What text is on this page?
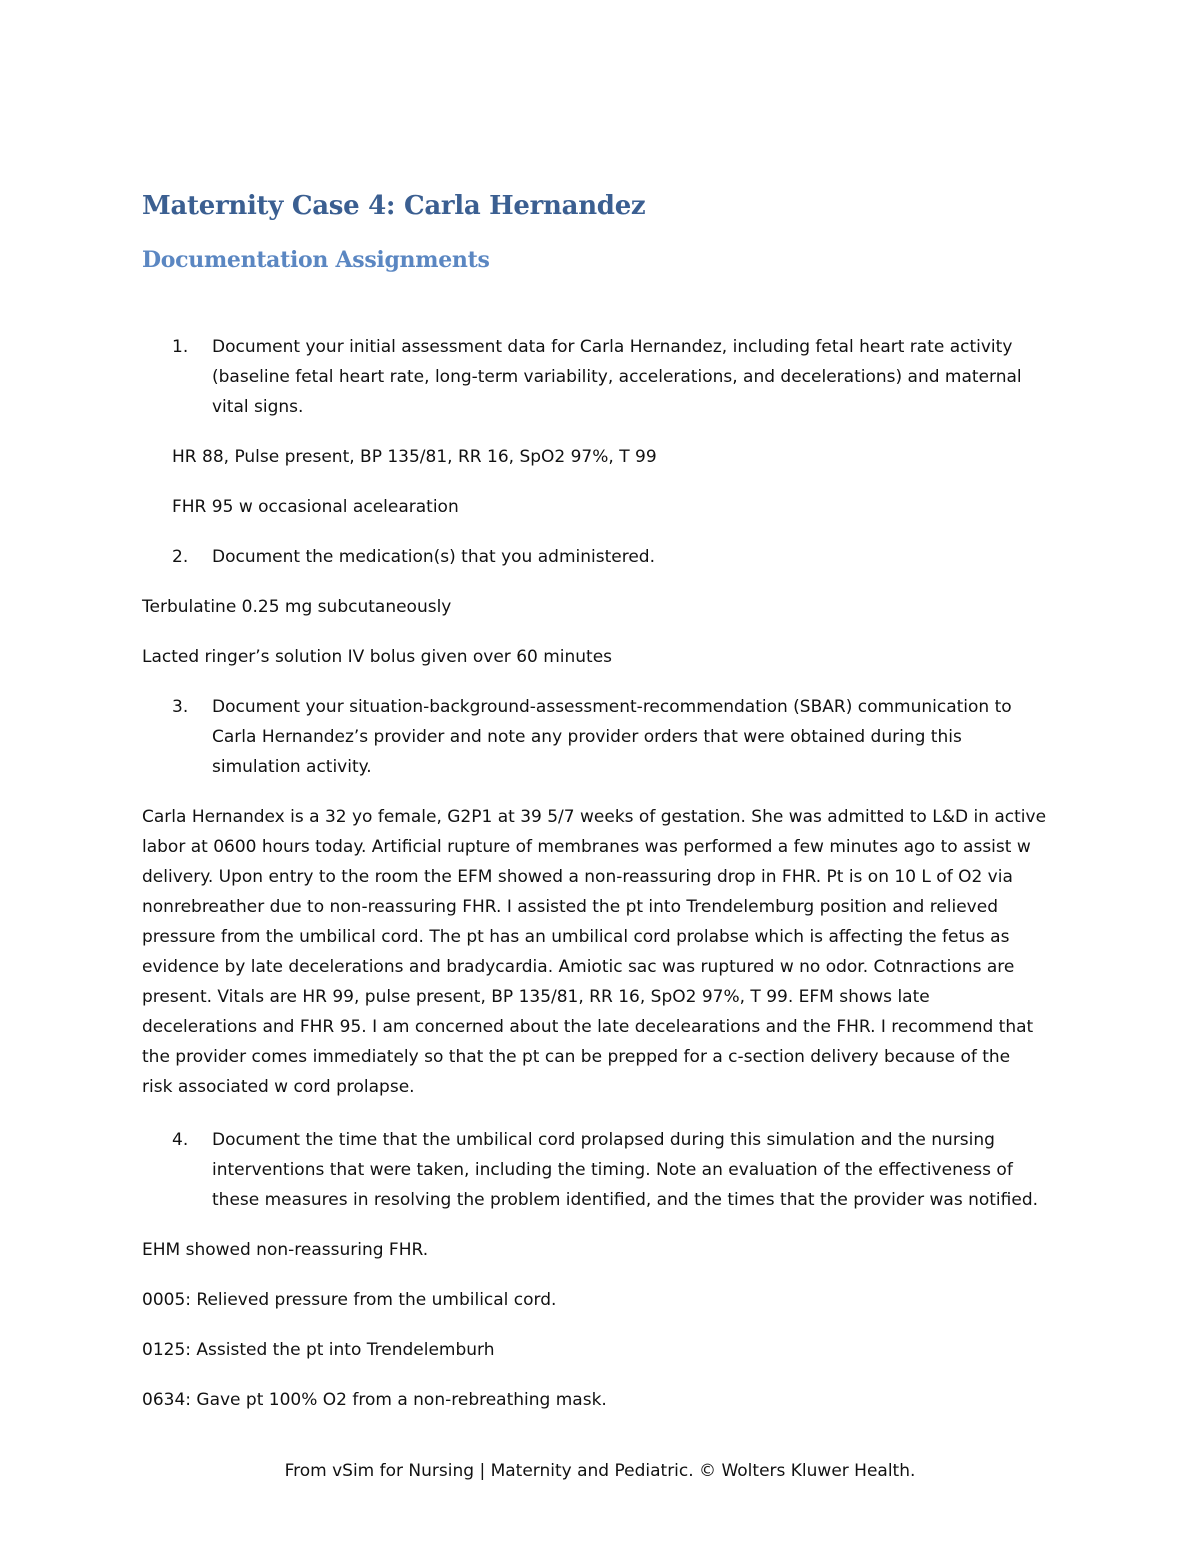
Maternity Case 4: Carla Hernandez
Documentation Assignments
1.	Document your initial assessment data for Carla Hernandez, including fetal heart rate activity
(baseline fetal heart rate, long-term variability, accelerations, and decelerations) and maternal
vital signs.

HR 88, Pulse present, BP 135/81, RR 16, SpO2 97%, T 99

FHR 95 w occasional acelearation

2.	Document the medication(s) that you administered.

Terbulatine 0.25 mg subcutaneously

Lacted ringer’s solution IV bolus given over 60 minutes

3.	Document your situation-background-assessment-recommendation (SBAR) communication to
Carla Hernandez’s provider and note any provider orders that were obtained during this
simulation activity.
Carla Hernandex is a 32 yo female, G2P1 at 39 5/7 weeks of gestation. She was admitted to L&D in active
labor at 0600 hours today. Artificial rupture of membranes was performed a few minutes ago to assist w
delivery. Upon entry to the room the EFM showed a non-reassuring drop in FHR. Pt is on 10 L of O2 via
nonrebreather due to non-reassuring FHR. I assisted the pt into Trendelemburg position and relieved
pressure from the umbilical cord. The pt has an umbilical cord prolabse which is affecting the fetus as
evidence by late decelerations and bradycardia. Amiotic sac was ruptured w no odor. Cotnractions are
present. Vitals are HR 99, pulse present, BP 135/81, RR 16, SpO2 97%, T 99. EFM shows late
decelerations and FHR 95. I am concerned about the late decelearations and the FHR. I recommend that
the provider comes immediately so that the pt can be prepped for a c-section delivery because of the
risk associated w cord prolapse.
4.	Document the time that the umbilical cord prolapsed during this simulation and the nursing
interventions that were taken, including the timing. Note an evaluation of the effectiveness of
these measures in resolving the problem identified, and the times that the provider was notified.

EHM showed non-reassuring FHR.

0005: Relieved pressure from the umbilical cord.

0125: Assisted the pt into Trendelemburh

0634: Gave pt 100% O2 from a non-rebreathing mask.

From vSim for Nursing | Maternity and Pediatric. © Wolters Kluwer Health.
